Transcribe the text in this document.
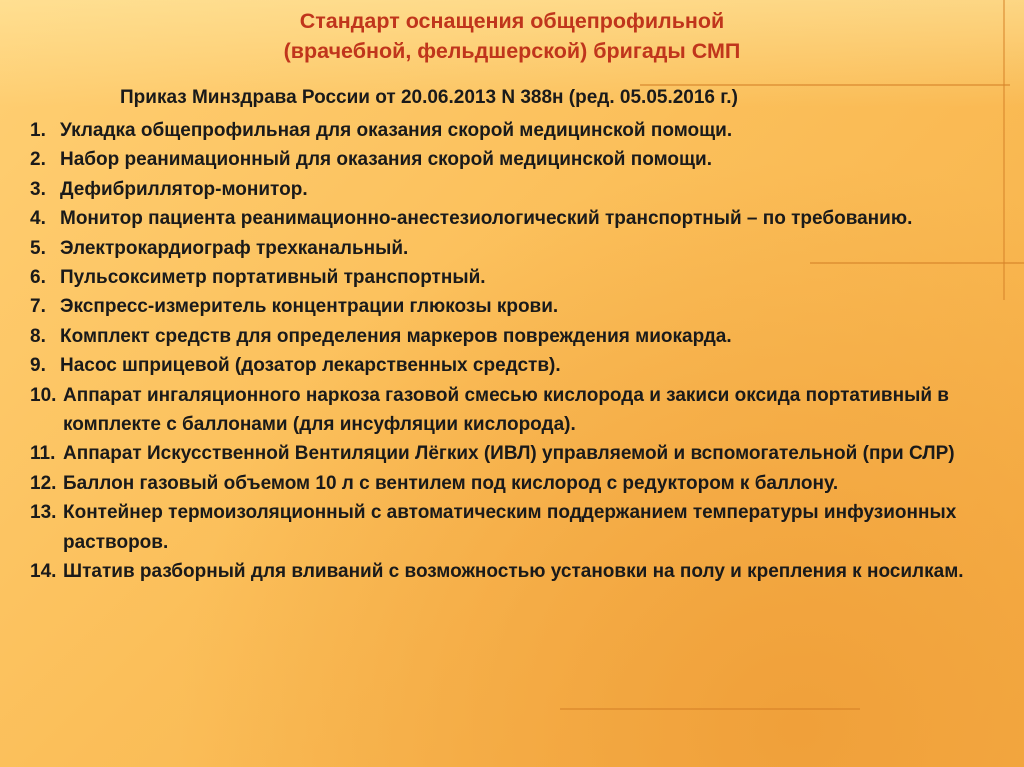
Стандарт оснащения общепрофильной
(врачебной, фельдшерской) бригады СМП

Приказ Минздрава России от 20.06.2013 N 388н (ред. 05.05.2016 г.)

1. Укладка общепрофильная для оказания скорой медицинской помощи.
2. Набор реанимационный для оказания скорой медицинской помощи.
3. Дефибриллятор-монитор.
4. Монитор пациента реанимационно-анестезиологический транспортный – по требованию.
5. Электрокардиограф трехканальный.
6. Пульсоксиметр портативный транспортный.
7. Экспресс-измеритель концентрации глюкозы крови.
8. Комплект средств для определения маркеров повреждения миокарда.
9. Насос шприцевой (дозатор лекарственных средств).
10. Аппарат ингаляционного наркоза газовой смесью кислорода и закиси оксида портативный в комплекте с баллонами (для инсуфляции кислорода).
11. Аппарат Искусственной Вентиляции Лёгких (ИВЛ) управляемой и вспомогательной (при СЛР)
12. Баллон газовый объемом 10 л с вентилем под кислород с редуктором к баллону.
13. Контейнер термоизоляционный с автоматическим поддержанием температуры инфузионных растворов.
14. Штатив разборный для вливаний с возможностью установки на полу и крепления к носилкам.
